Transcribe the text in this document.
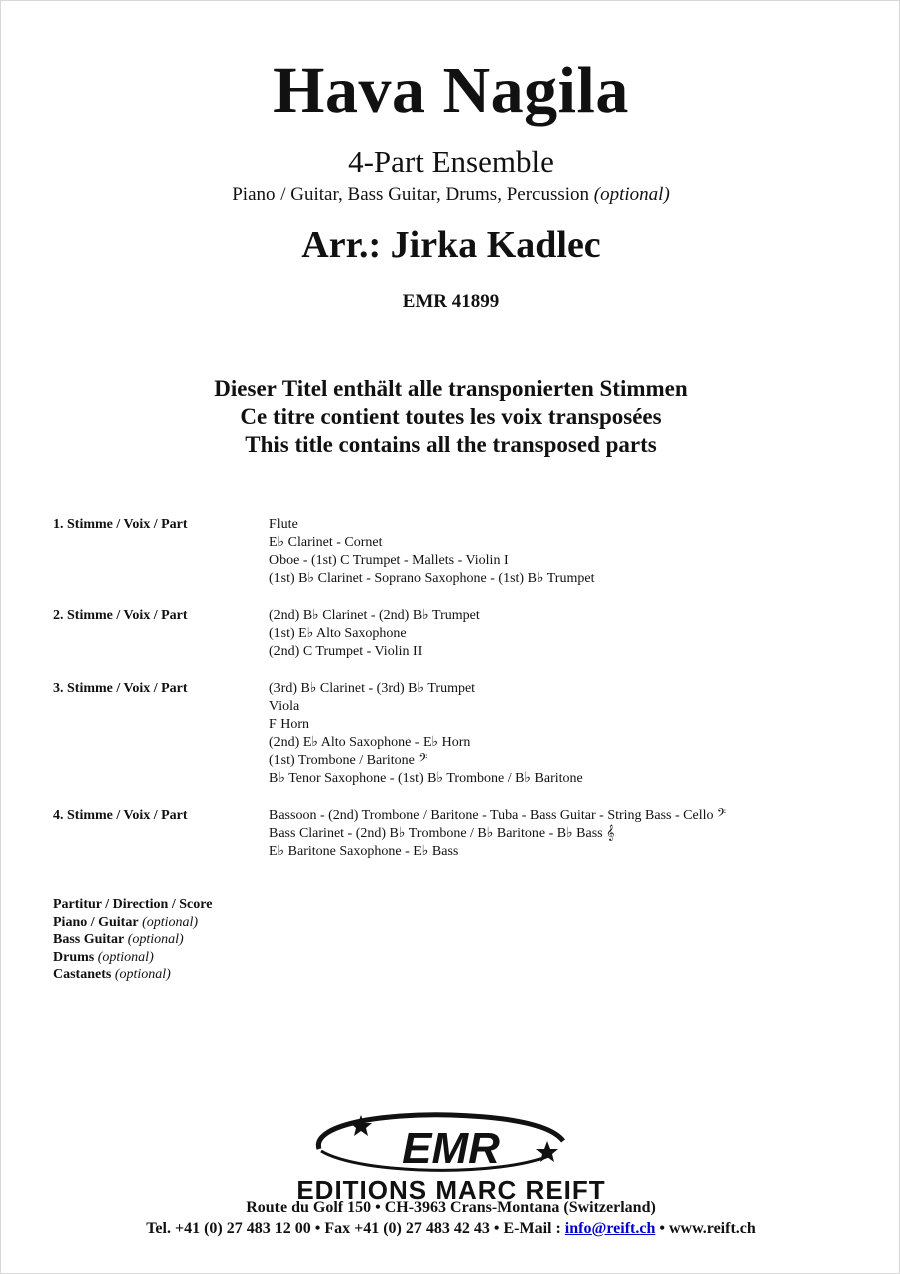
Hava Nagila
4-Part Ensemble
Piano / Guitar, Bass Guitar, Drums, Percussion (optional)
Arr.: Jirka Kadlec
EMR 41899
Dieser Titel enthält alle transponierten Stimmen
Ce titre contient toutes les voix transposées
This title contains all the transposed parts
1. Stimme / Voix / Part	Flute
E♭ Clarinet - Cornet
Oboe - (1st) C Trumpet - Mallets - Violin I
(1st) B♭ Clarinet - Soprano Saxophone - (1st) B♭ Trumpet
2. Stimme / Voix / Part	(2nd) B♭ Clarinet - (2nd) B♭ Trumpet
(1st) E♭ Alto Saxophone
(2nd) C Trumpet - Violin II
3. Stimme / Voix / Part	(3rd) B♭ Clarinet - (3rd) B♭ Trumpet
Viola
F Horn
(2nd) E♭ Alto Saxophone - E♭ Horn
(1st) Trombone / Baritone 𝄢
B♭ Tenor Saxophone - (1st) B♭ Trombone / B♭ Baritone
4. Stimme / Voix / Part	Bassoon - (2nd) Trombone / Baritone - Tuba - Bass Guitar - String Bass - Cello 𝄢
Bass Clarinet - (2nd) B♭ Trombone / B♭ Baritone - B♭ Bass 𝄞
E♭ Baritone Saxophone - E♭ Bass
Partitur / Direction / Score
Piano / Guitar (optional)
Bass Guitar (optional)
Drums (optional)
Castanets (optional)
EMR
EDITIONS MARC REIFT
Route du Golf 150 • CH-3963 Crans-Montana (Switzerland)
Tel. +41 (0) 27 483 12 00 • Fax +41 (0) 27 483 42 43 • E-Mail : info@reift.ch • www.reift.ch
